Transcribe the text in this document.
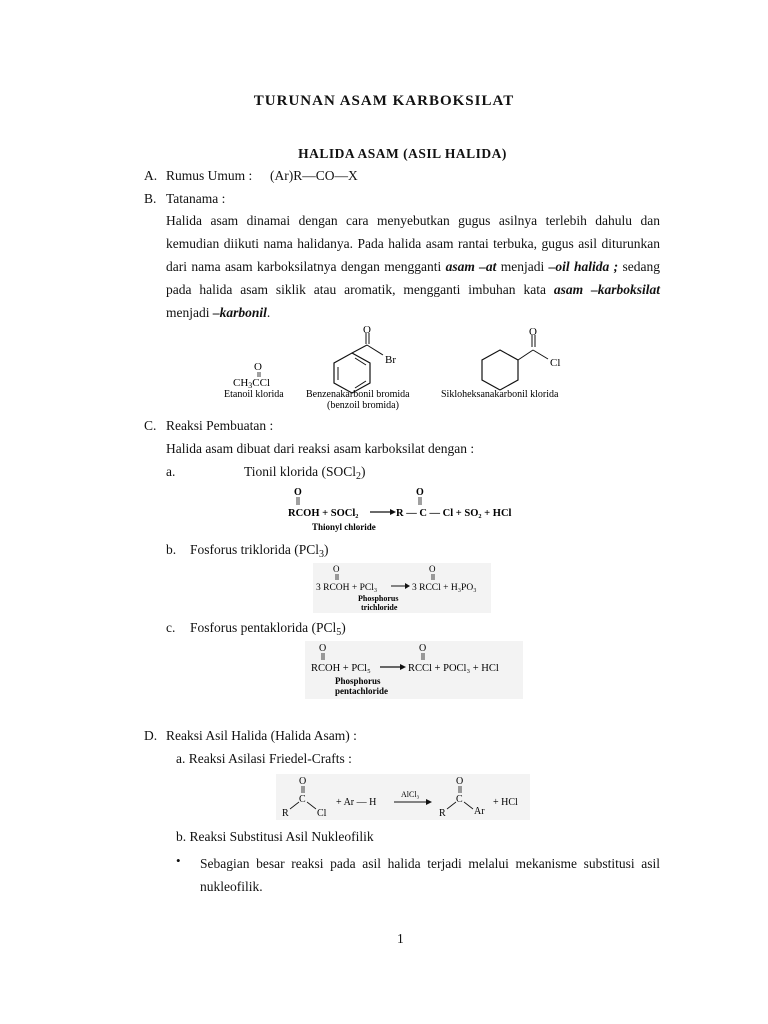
TURUNAN ASAM KARBOKSILAT
HALIDA ASAM (ASIL HALIDA)
A. Rumus Umum : (Ar)R—CO—X
B. Tatanama :
Halida asam dinamai dengan cara menyebutkan gugus asilnya terlebih dahulu dan kemudian diikuti nama halidanya. Pada halida asam rantai terbuka, gugus asil diturunkan dari nama asam karboksilatnya dengan mengganti asam –at menjadi –oil halida ; sedang pada halida asam siklik atau aromatik, mengganti imbuhan kata asam –karboksilat menjadi –karbonil.
O
CH3CCl
Etanoil klorida
O
Br
Benzenakarbonil bromida
(benzoil bromida)
O
Cl
Sikloheksanakarbonil klorida
C. Reaksi Pembuatan :
Halida asam dibuat dari reaksi asam karboksilat dengan :
a.	Tionil klorida (SOCl$_2$)
O
RCOH + SOCl₂
O
R — C — Cl + SO₂ + HCl
Thionyl chloride
b. Fosforus triklorida (PCl$_3$)
O
3 RCOH + PCl₃
O
3 RCCl + H₃PO₃
Phosphorus
trichloride
c. Fosforus pentaklorida (PCl$_5$)
O
RCOH + PCl₅
O
RCCl + POCl₃ + HCl
Phosphorus
pentachloride
D. Reaksi Asil Halida (Halida Asam) :
a. Reaksi Asilasi Friedel-Crafts :
O
C
R	Cl
+ Ar — H
AlCl₃
O
C
R	Ar
+ HCl
b. Reaksi Substitusi Asil Nukleofilik
• Sebagian besar reaksi pada asil halida terjadi melalui mekanisme substitusi asil nukleofilik.
1
